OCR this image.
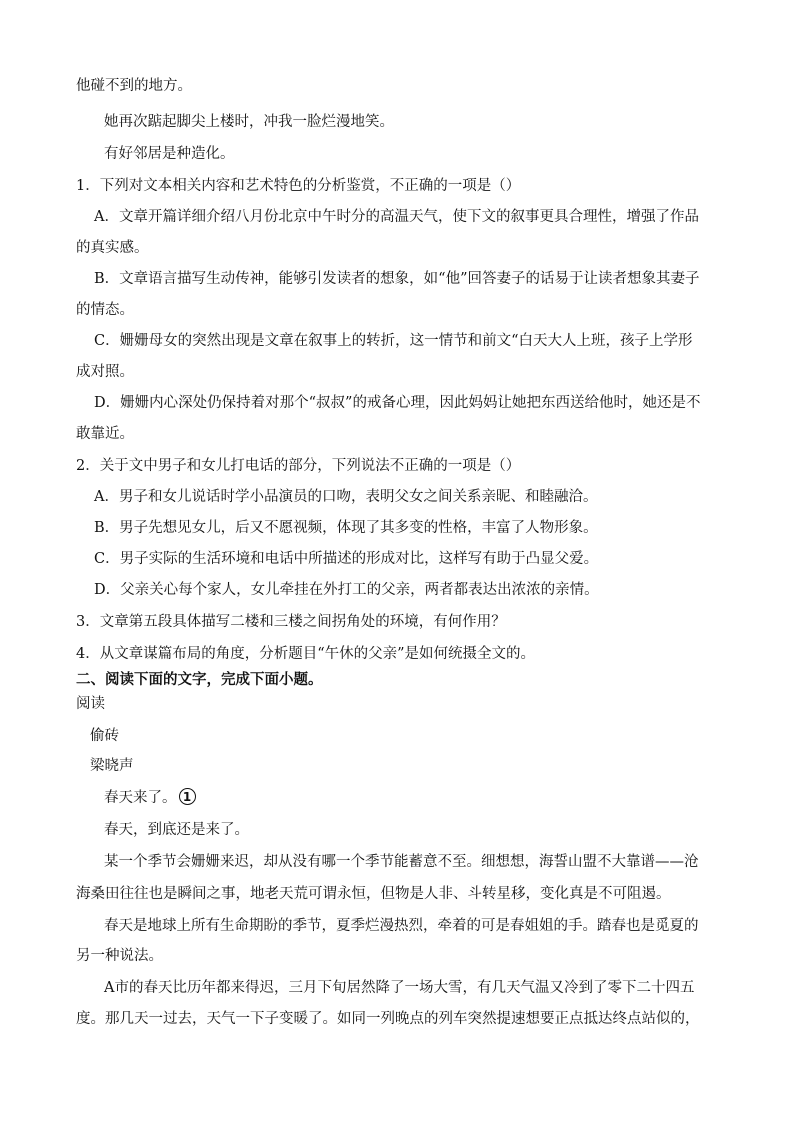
他碰不到的地方。
她再次踮起脚尖上楼时，冲我一脸烂漫地笑。
有好邻居是种造化。
1．下列对文本相关内容和艺术特色的分析鉴赏，不正确的一项是（）
A．文章开篇详细介绍八月份北京中午时分的高温天气，使下文的叙事更具合理性，增强了作品
的真实感。
B．文章语言描写生动传神，能够引发读者的想象，如“他”回答妻子的话易于让读者想象其妻子
的情态。
C．姗姗母女的突然出现是文章在叙事上的转折，这一情节和前文“白天大人上班，孩子上学形
成对照。
D．姗姗内心深处仍保持着对那个“叔叔”的戒备心理，因此妈妈让她把东西送给他时，她还是不
敢靠近。
2．关于文中男子和女儿打电话的部分，下列说法不正确的一项是（）
A．男子和女儿说话时学小品演员的口吻，表明父女之间关系亲昵、和睦融洽。
B．男子先想见女儿，后又不愿视频，体现了其多变的性格，丰富了人物形象。
C．男子实际的生活环境和电话中所描述的形成对比，这样写有助于凸显父爱。
D．父亲关心每个家人，女儿牵挂在外打工的父亲，两者都表达出浓浓的亲情。
3．文章第五段具体描写二楼和三楼之间拐角处的环境，有何作用？
4．从文章谋篇布局的角度，分析题目“午休的父亲”是如何统摄全文的。
二、阅读下面的文字，完成下面小题。
阅读
偷砖
梁晓声
春天来了。 1
春天，到底还是来了。
某一个季节会姗姗来迟，却从没有哪一个季节能蓄意不至。细想想，海誓山盟不大靠谱——沧
海桑田往往也是瞬间之事，地老天荒可谓永恒，但物是人非、斗转星移，变化真是不可阻遏。
春天是地球上所有生命期盼的季节，夏季烂漫热烈，牵着的可是春姐姐的手。踏春也是觅夏的
另一种说法。
A市的春天比历年都来得迟，三月下旬居然降了一场大雪，有几天气温又冷到了零下二十四五
度。那几天一过去，天气一下子变暖了。如同一列晚点的列车突然提速想要正点抵达终点站似的，
